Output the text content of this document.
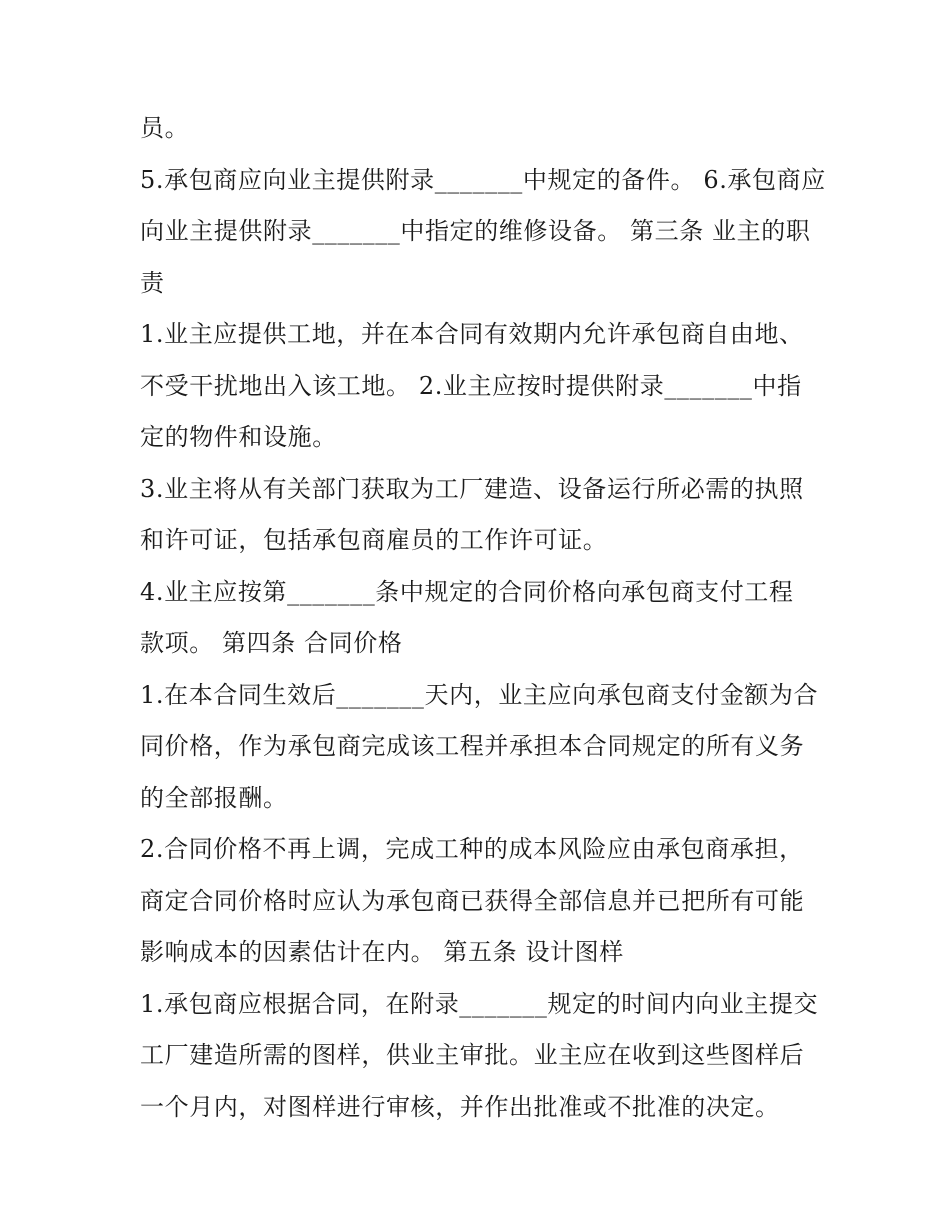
员。
5.承包商应向业主提供附录_______中规定的备件。 6.承包商应
向业主提供附录_______中指定的维修设备。 第三条 业主的职
责
1.业主应提供工地，并在本合同有效期内允许承包商自由地、
不受干扰地出入该工地。 2.业主应按时提供附录_______中指
定的物件和设施。
3.业主将从有关部门获取为工厂建造、设备运行所必需的执照
和许可证，包括承包商雇员的工作许可证。
4.业主应按第_______条中规定的合同价格向承包商支付工程
款项。 第四条 合同价格
1.在本合同生效后_______天内，业主应向承包商支付金额为合
同价格，作为承包商完成该工程并承担本合同规定的所有义务
的全部报酬。
2.合同价格不再上调，完成工种的成本风险应由承包商承担，
商定合同价格时应认为承包商已获得全部信息并已把所有可能
影响成本的因素估计在内。 第五条 设计图样
1.承包商应根据合同，在附录_______规定的时间内向业主提交
工厂建造所需的图样，供业主审批。业主应在收到这些图样后
一个月内，对图样进行审核，并作出批准或不批准的决定。
